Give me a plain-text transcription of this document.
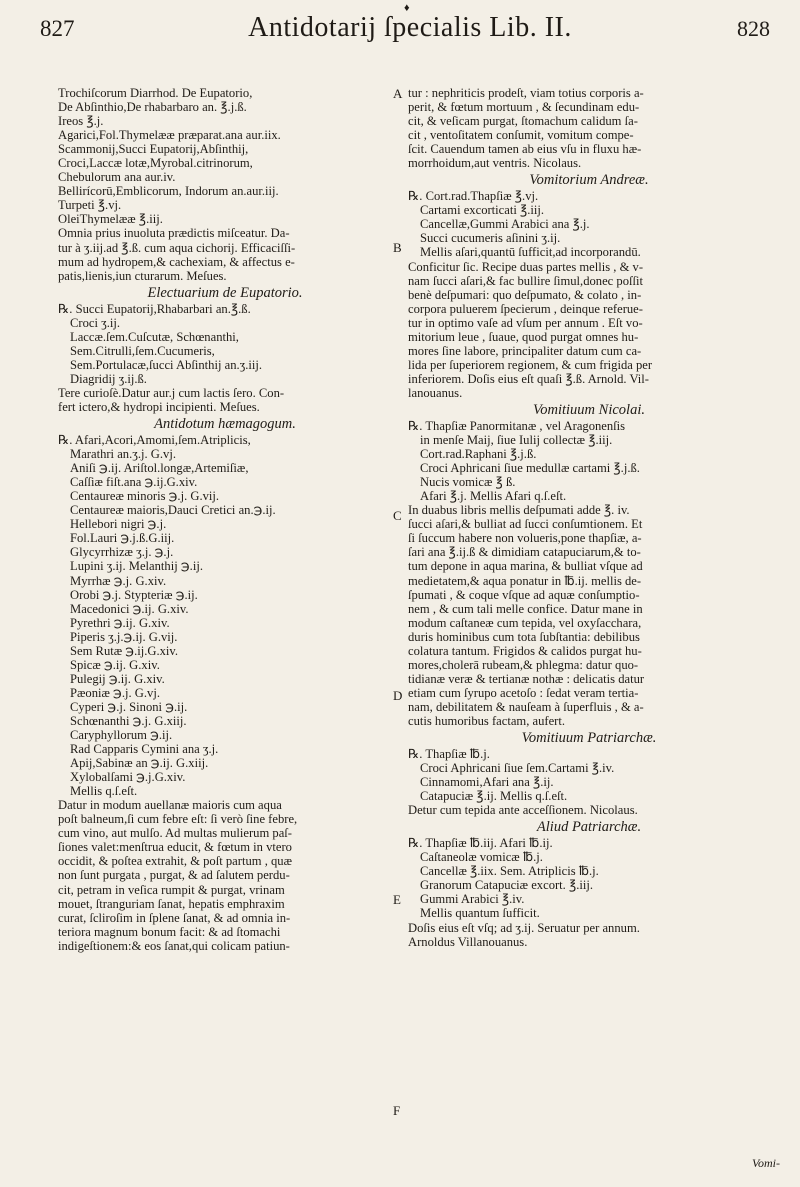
♦
827	Antidotarij ſpecialis Lib. II.	828
Trochiſcorum Diarrhod. De Eupatorio,
De Abſinthio,De rhabarbaro an. ℥.j.ß.
Ireos ℥.j.
Agarici,Fol.Thymelææ præparat.ana aur.iix.
Scammonij,Succi Eupatorij,Abſinthij,
Croci,Laccæ lotæ,Myrobal.citrinorum,
Chebulorum ana aur.iv.
Bellirícorū,Emblicorum, Indorum an.aur.iij.
Turpeti ℥.vj.
OleiThymelææ ℥.iij.
Omnia prius inuoluta prædictis miſceatur. Da-
tur à ʒ.iij.ad ℥.ß. cum aqua cichorij. Efficaciſſi-
mum ad hydropem,& cachexiam, & affectus e-
patis,lienis,iun cturarum. Meſues.
Electuarium de Eupatorio.
℞. Succi Eupatorij,Rhabarbari an.℥.ß.
Croci ʒ.ij.
Laccæ.ſem.Cuſcutæ, Schœnanthi,
Sem.Citrulli,ſem.Cucumeris,
Sem.Portulacæ,ſucci Abſinthij an.ʒ.iij.
Diagridij ʒ.ij.ß.
Tere curioſè.Datur aur.j cum lactis ſero. Con-
fert ictero,& hydropi incipienti. Meſues.
Antidotum hæmagogum.
℞. Afari,Acori,Amomi,ſem.Atriplicis,
Marathri an.ʒ.j. G.vj.
Aniſi ℈.ij. Ariſtol.longæ,Artemiſiæ,
Caſſiæ fiſt.ana ℈.ij.G.xiv.
Centaureæ minoris ℈.j. G.vij.
Centaureæ maioris,Dauci Cretici an.℈.ij.
Hellebori nigri ℈.j.
Fol.Lauri ℈.j.ß.G.iij.
Glycyrrhizæ ʒ.j. ℈.j.
Lupini ʒ.ij. Melanthij ℈.ij.
Myrrhæ ℈.j. G.xiv.
Orobi ℈.j. Stypteriæ ℈.ij.
Macedonici ℈.ij. G.xiv.
Pyrethri ℈.ij. G.xiv.
Piperis ʒ.j.℈.ij. G.vij.
Sem Rutæ ℈.ij.G.xiv.
Spicæ ℈.ij. G.xiv.
Pulegij ℈.ij. G.xiv.
Pæoniæ ℈.j. G.vj.
Cyperi ℈.j. Sinoni ℈.ij.
Schœnanthi ℈.j. G.xiij.
Caryphyllorum ℈.ij.
Rad Capparis Cymini ana ʒ.j.
Apij,Sabinæ an ℈.ij. G.xiij.
Xylobalſami ℈.j.G.xiv.
Mellis q.ſ.eſt.
Datur in modum auellanæ maioris cum aqua
poſt balneum,ſi cum febre eſt: ſi verò ſine febre,
cum vino, aut mulſo. Ad multas mulierum paſ-
ſiones valet:menſtrua educit, & fœtum in vtero
occidit, & poſtea extrahit, & poſt partum , quæ
non ſunt purgata , purgat, & ad ſalutem perdu-
cit, petram in veſica rumpit & purgat, vrinam
mouet, ſtranguriam ſanat, hepatis emphraxim
curat, ſcliroſim in ſplene ſanat, & ad omnia in-
teriora magnum bonum facit: & ad ſtomachi
indigeſtionem:& eos ſanat,qui colicam patiun-
tur : nephriticis prodeſt, viam totius corporis a-
perit, & fœtum mortuum , & ſecundinam edu-
cit, & veſicam purgat, ſtomachum calidum ſa-
cit , ventoſitatem conſumit, vomitum compe-
ſcit. Cauendum tamen ab eius vſu in fluxu hæ-
morrhoidum,aut ventris. Nicolaus.
Vomitorium Andreæ.
℞. Cort.rad.Thapſiæ ℥.vj.
Cartami excorticati ℥.iij.
Cancellæ,Gummi Arabici ana ℥.j.
Succi cucumeris aſinini ʒ.ij.
Mellis aſari,quantū ſufficit,ad incorporandū.
Conficitur ſic. Recipe duas partes mellis , & v-
nam ſucci aſari,& fac bullire ſimul,donec poſſit
benè deſpumari: quo deſpumato, & colato , in-
corpora puluerem ſpecierum , deinque referue-
tur in optimo vaſe ad vſum per annum . Eſt vo-
mitorium leue , ſuaue, quod purgat omnes hu-
mores ſine labore, principaliter datum cum ca-
lida per ſuperiorem regionem, & cum frigida per
inferiorem. Doſis eius eſt quaſi ℥.ß. Arnold. Vil-
lanouanus.
Vomitiuum Nicolai.
℞. Thapſiæ Panormitanæ , vel Aragonenſis
in menſe Maij, ſiue Iulij collectæ ℥.iij.
Cort.rad.Raphani ℥.j.ß.
Croci Aphricani ſiue medullæ cartami ℥.j.ß.
Nucis vomicæ ℥ ß.
Afari ℥.j. Mellis Afari q.ſ.eſt.
In duabus libris mellis deſpumati adde ℥. iv.
ſucci aſari,& bulliat ad ſucci conſumtionem. Et
ſi ſuccum habere non volueris,pone thapſiæ, a-
ſari ana ℥.ij.ß & dimidiam catapuciarum,& to-
tum depone in aqua marina, & bulliat vſque ad
medietatem,& aqua ponatur in ℔.ij. mellis de-
ſpumati , & coque vſque ad aquæ conſumptio-
nem , & cum tali melle confice. Datur mane in
modum caſtaneæ cum tepida, vel oxyſacchara,
duris hominibus cum tota ſubſtantia: debilibus
colatura tantum. Frigidos & calidos purgat hu-
mores,cholerā rubeam,& phlegma: datur quo-
tidianæ veræ & tertianæ nothæ : delicatis datur
etiam cum ſyrupo acetoſo : ſedat veram tertia-
nam, debilitatem & nauſeam à ſuperfluis , & a-
cutis humoribus factam, aufert.
Vomitiuum Patriarchæ.
℞. Thapſiæ ℔.j.
Croci Aphricani ſiue ſem.Cartami ℥.iv.
Cinnamomi,Afari ana ℥.ij.
Catapuciæ ℥.ij. Mellis q.ſ.eſt.
Detur cum tepida ante acceſſionem. Nicolaus.
Aliud Patriarchæ.
℞. Thapſiæ ℔.iij. Afari ℔.ij.
Caſtaneolæ vomicæ ℔.j.
Cancellæ ℥.iix. Sem. Atriplicis ℔.j.
Granorum Catapuciæ excort. ℥.iij.
Gummi Arabici ℥.iv.
Mellis quantum ſufficit.
Doſis eius eſt vſq; ad ʒ.ij. Seruatur per annum.
Arnoldus Villanouanus.
A
B
C
D
E
F
Vomi-
